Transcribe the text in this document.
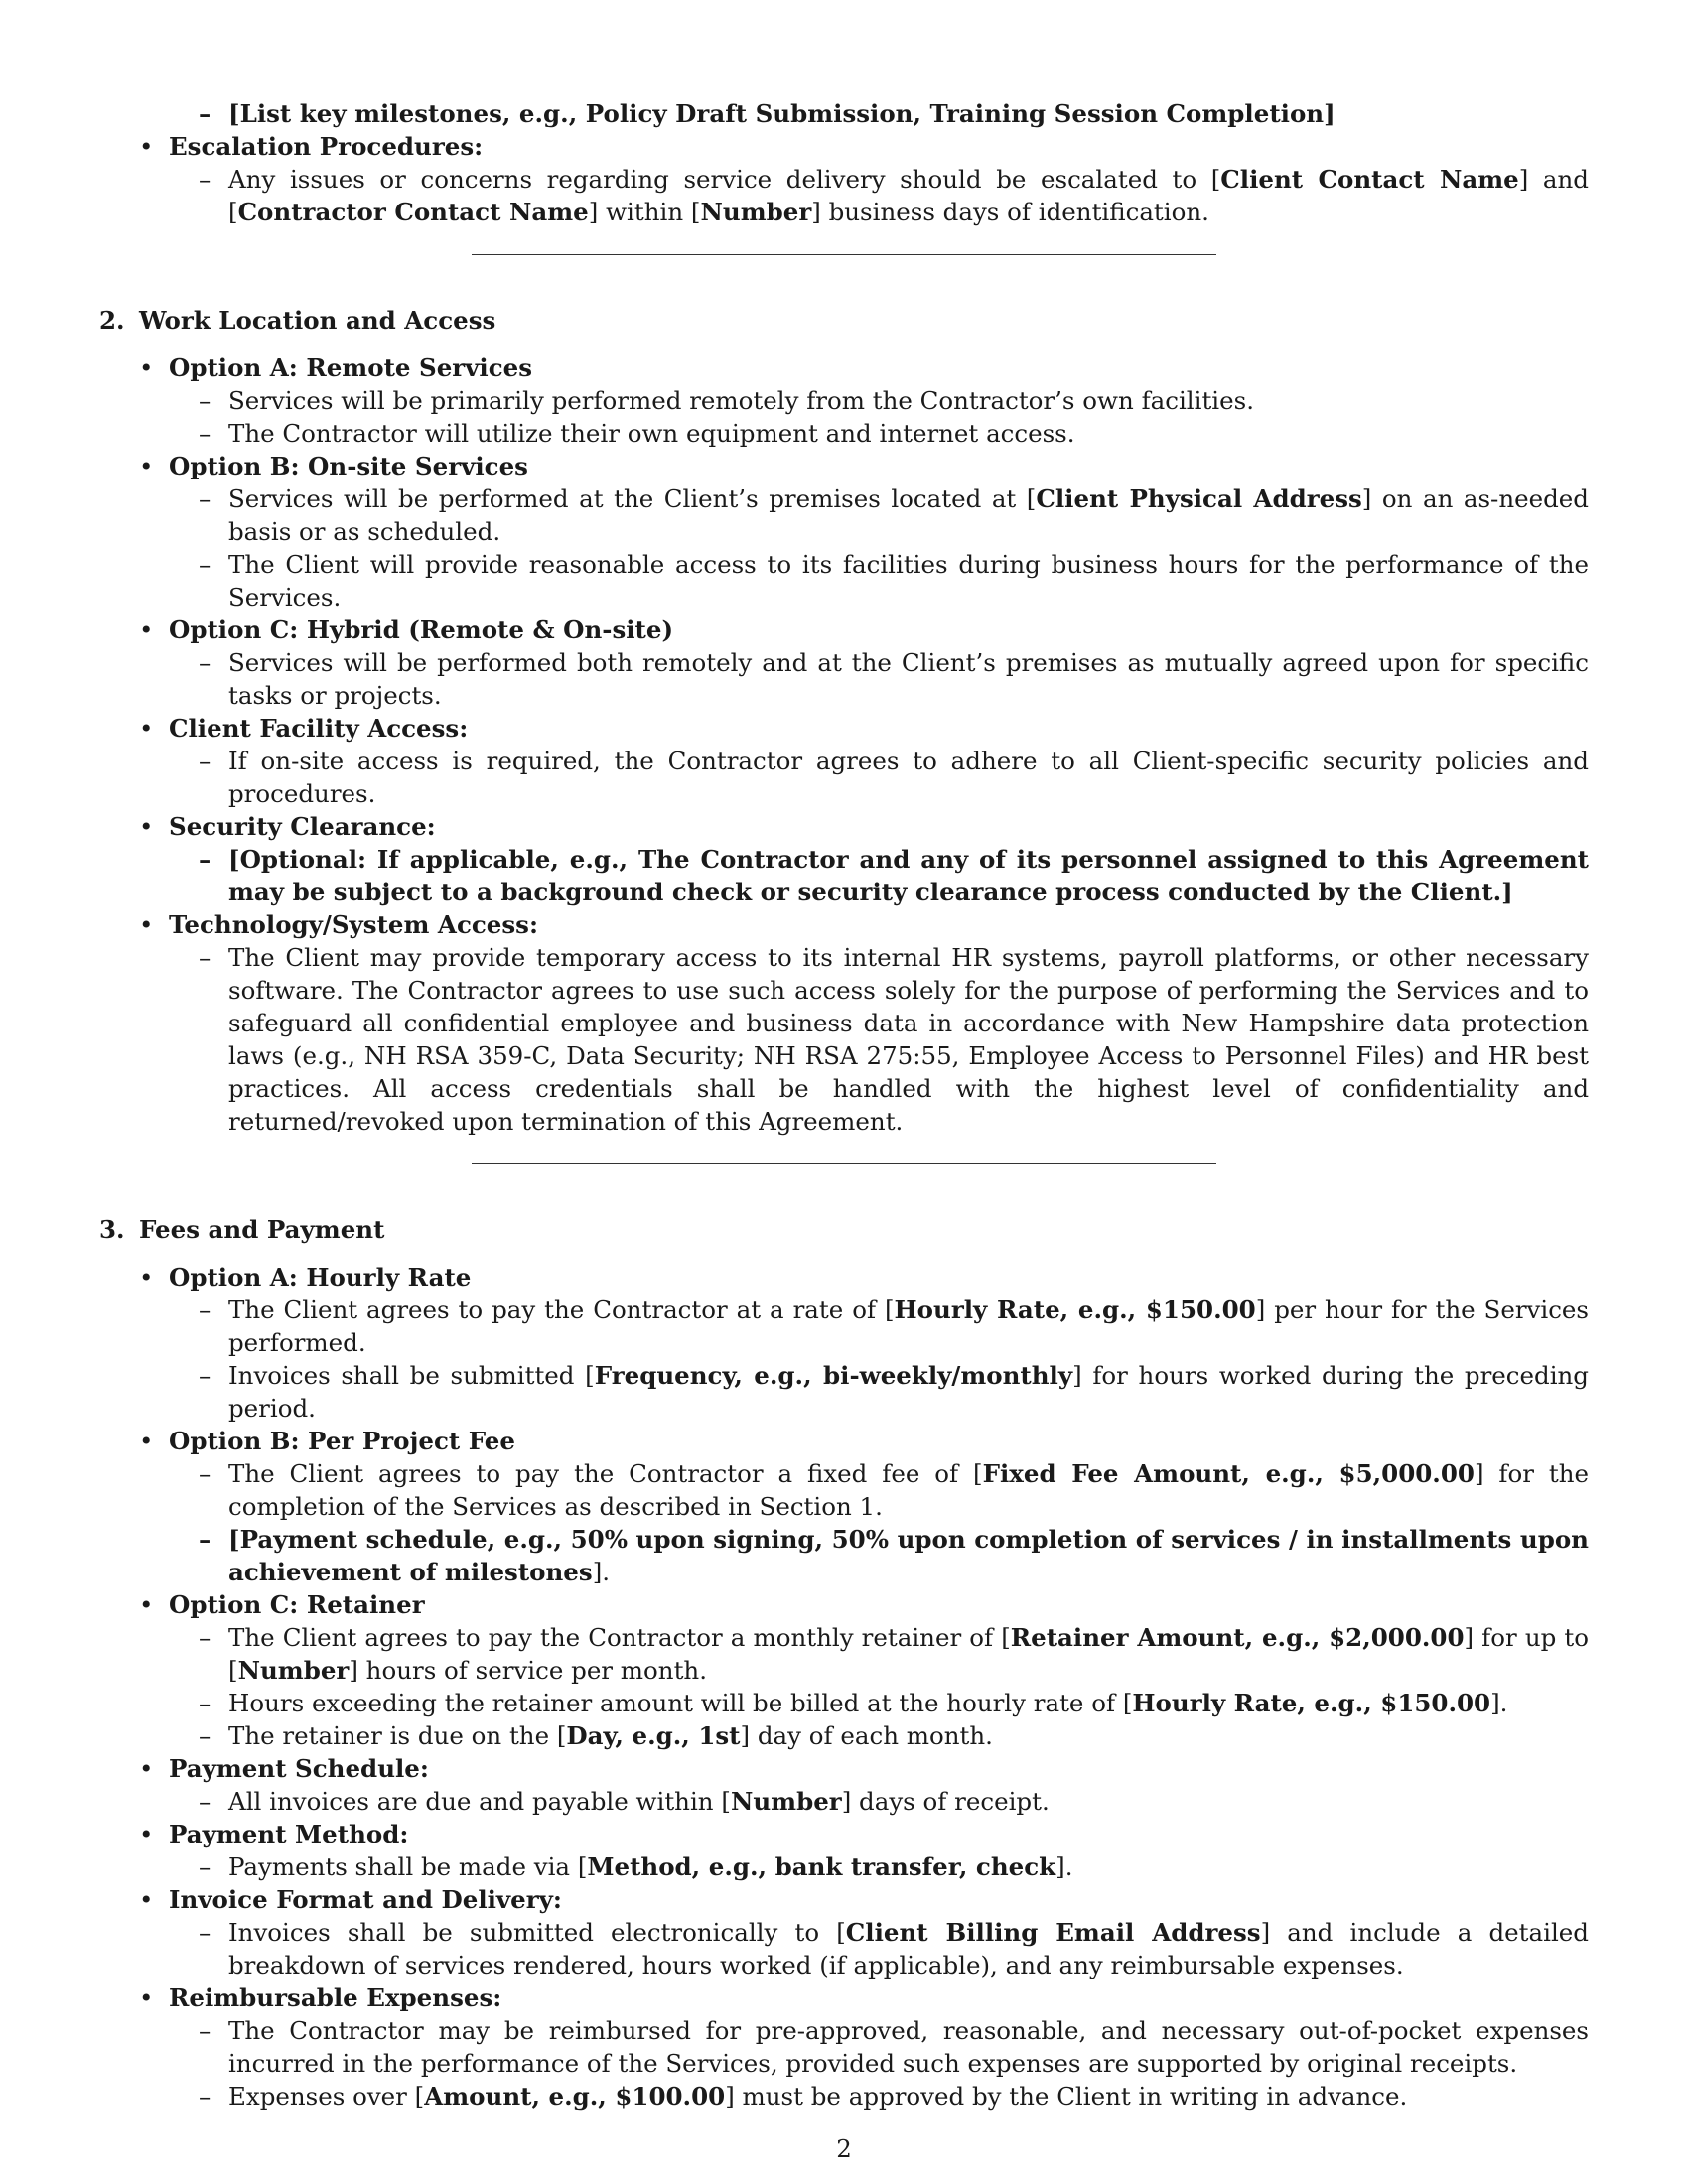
– [List key milestones, e.g., Policy Draft Submission, Training Session Completion]
• Escalation Procedures:
– Any issues or concerns regarding service delivery should be escalated to [Client Contact Name] and [Contractor Contact Name] within [Number] business days of identification.
2. Work Location and Access
• Option A: Remote Services
– Services will be primarily performed remotely from the Contractor’s own facilities.
– The Contractor will utilize their own equipment and internet access.
• Option B: On-site Services
– Services will be performed at the Client’s premises located at [Client Physical Address] on an as-needed basis or as scheduled.
– The Client will provide reasonable access to its facilities during business hours for the performance of the Services.
• Option C: Hybrid (Remote & On-site)
– Services will be performed both remotely and at the Client’s premises as mutually agreed upon for specific tasks or projects.
• Client Facility Access:
– If on-site access is required, the Contractor agrees to adhere to all Client-specific security policies and procedures.
• Security Clearance:
– [Optional: If applicable, e.g., The Contractor and any of its personnel assigned to this Agreement may be subject to a background check or security clearance process conducted by the Client.]
• Technology/System Access:
– The Client may provide temporary access to its internal HR systems, payroll platforms, or other necessary software. The Contractor agrees to use such access solely for the purpose of performing the Services and to safeguard all confidential employee and business data in accordance with New Hampshire data protection laws (e.g., NH RSA 359-C, Data Security; NH RSA 275:55, Employee Access to Personnel Files) and HR best practices. All access credentials shall be handled with the highest level of confidentiality and returned/revoked upon termination of this Agreement.
3. Fees and Payment
• Option A: Hourly Rate
– The Client agrees to pay the Contractor at a rate of [Hourly Rate, e.g., $150.00] per hour for the Services performed.
– Invoices shall be submitted [Frequency, e.g., bi-weekly/monthly] for hours worked during the preceding period.
• Option B: Per Project Fee
– The Client agrees to pay the Contractor a fixed fee of [Fixed Fee Amount, e.g., $5,000.00] for the completion of the Services as described in Section 1.
– [Payment schedule, e.g., 50% upon signing, 50% upon completion of services / in installments upon achievement of milestones].
• Option C: Retainer
– The Client agrees to pay the Contractor a monthly retainer of [Retainer Amount, e.g., $2,000.00] for up to [Number] hours of service per month.
– Hours exceeding the retainer amount will be billed at the hourly rate of [Hourly Rate, e.g., $150.00].
– The retainer is due on the [Day, e.g., 1st] day of each month.
• Payment Schedule:
– All invoices are due and payable within [Number] days of receipt.
• Payment Method:
– Payments shall be made via [Method, e.g., bank transfer, check].
• Invoice Format and Delivery:
– Invoices shall be submitted electronically to [Client Billing Email Address] and include a detailed breakdown of services rendered, hours worked (if applicable), and any reimbursable expenses.
• Reimbursable Expenses:
– The Contractor may be reimbursed for pre-approved, reasonable, and necessary out-of-pocket expenses incurred in the performance of the Services, provided such expenses are supported by original receipts.
– Expenses over [Amount, e.g., $100.00] must be approved by the Client in writing in advance.
2
